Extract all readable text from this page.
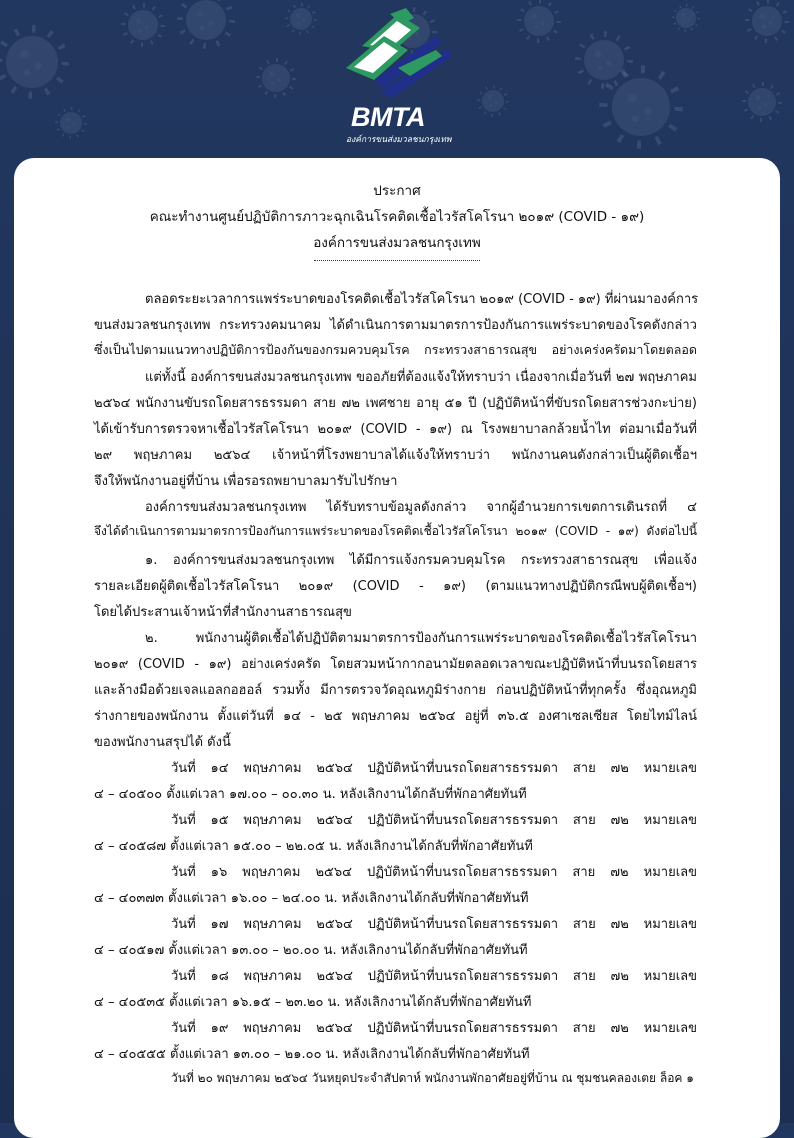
BMTA
องค์การขนส่งมวลชนกรุงเทพ
ประกาศ
คณะทำงานศูนย์ปฏิบัติการภาวะฉุกเฉินโรคติดเชื้อไวรัสโคโรนา ๒๐๑๙ (COVID - ๑๙)
องค์การขนส่งมวลชนกรุงเทพ
ตลอดระยะเวลาการแพร่ระบาดของโรคติดเชื้อไวรัสโคโรนา ๒๐๑๙ (COVID - ๑๙) ที่ผ่านมาองค์การ
ขนส่งมวลชนกรุงเทพ กระทรวงคมนาคม ได้ดำเนินการตามมาตรการป้องกันการแพร่ระบาดของโรคดังกล่าว
ซึ่งเป็นไปตามแนวทางปฏิบัติการป้องกันของกรมควบคุมโรค กระทรวงสาธารณสุข อย่างเคร่งครัดมาโดยตลอด
แต่ทั้งนี้ องค์การขนส่งมวลชนกรุงเทพ ขออภัยที่ต้องแจ้งให้ทราบว่า เนื่องจากเมื่อวันที่ ๒๗ พฤษภาคม
๒๕๖๔ พนักงานขับรถโดยสารธรรมดา สาย ๗๒ เพศชาย อายุ ๕๑ ปี (ปฏิบัติหน้าที่ขับรถโดยสารช่วงกะบ่าย)
ได้เข้ารับการตรวจหาเชื้อไวรัสโคโรนา ๒๐๑๙ (COVID - ๑๙) ณ โรงพยาบาลกล้วยน้ำไท ต่อมาเมื่อวันที่
๒๙ พฤษภาคม ๒๕๖๔ เจ้าหน้าที่โรงพยาบาลได้แจ้งให้ทราบว่า พนักงานคนดังกล่าวเป็นผู้ติดเชื้อฯ
จึงให้พนักงานอยู่ที่บ้าน เพื่อรอรถพยาบาลมารับไปรักษา
องค์การขนส่งมวลชนกรุงเทพ ได้รับทราบข้อมูลดังกล่าว จากผู้อำนวยการเขตการเดินรถที่ ๔
จึงได้ดำเนินการตามมาตรการป้องกันการแพร่ระบาดของโรคติดเชื้อไวรัสโคโรนา ๒๐๑๙ (COVID - ๑๙) ดังต่อไปนี้
๑. องค์การขนส่งมวลชนกรุงเทพ ได้มีการแจ้งกรมควบคุมโรค กระทรวงสาธารณสุข เพื่อแจ้ง
รายละเอียดผู้ติดเชื้อไวรัสโคโรนา ๒๐๑๙ (COVID - ๑๙) (ตามแนวทางปฏิบัติกรณีพบผู้ติดเชื้อฯ)
โดยได้ประสานเจ้าหน้าที่สำนักงานสาธารณสุข
๒. พนักงานผู้ติดเชื้อได้ปฏิบัติตามมาตรการป้องกันการแพร่ระบาดของโรคติดเชื้อไวรัสโคโรนา
๒๐๑๙ (COVID - ๑๙) อย่างเคร่งครัด โดยสวมหน้ากากอนามัยตลอดเวลาขณะปฏิบัติหน้าที่บนรถโดยสาร
และล้างมือด้วยเจลแอลกอฮอล์ รวมทั้ง มีการตรวจวัดอุณหภูมิร่างกาย ก่อนปฏิบัติหน้าที่ทุกครั้ง ซึ่งอุณหภูมิ
ร่างกายของพนักงาน ตั้งแต่วันที่ ๑๔ - ๒๕ พฤษภาคม ๒๕๖๔ อยู่ที่ ๓๖.๕ องศาเซลเซียส โดยไทม์ไลน์
ของพนักงานสรุปได้ ดังนี้
วันที่ ๑๔ พฤษภาคม ๒๕๖๔ ปฏิบัติหน้าที่บนรถโดยสารธรรมดา สาย ๗๒ หมายเลข
๔ – ๔๐๕๐๐ ตั้งแต่เวลา ๑๗.๐๐ – ๐๐.๓๐ น. หลังเลิกงานได้กลับที่พักอาศัยทันที
วันที่ ๑๕ พฤษภาคม ๒๕๖๔ ปฏิบัติหน้าที่บนรถโดยสารธรรมดา สาย ๗๒ หมายเลข
๔ – ๔๐๕๘๗ ตั้งแต่เวลา ๑๕.๐๐ – ๒๒.๐๕ น. หลังเลิกงานได้กลับที่พักอาศัยทันที
วันที่ ๑๖ พฤษภาคม ๒๕๖๔ ปฏิบัติหน้าที่บนรถโดยสารธรรมดา สาย ๗๒ หมายเลข
๔ – ๔๐๓๗๓ ตั้งแต่เวลา ๑๖.๐๐ – ๒๔.๐๐ น. หลังเลิกงานได้กลับที่พักอาศัยทันที
วันที่ ๑๗ พฤษภาคม ๒๕๖๔ ปฏิบัติหน้าที่บนรถโดยสารธรรมดา สาย ๗๒ หมายเลข
๔ – ๔๐๕๑๗ ตั้งแต่เวลา ๑๓.๐๐ – ๒๐.๐๐ น. หลังเลิกงานได้กลับที่พักอาศัยทันที
วันที่ ๑๘ พฤษภาคม ๒๕๖๔ ปฏิบัติหน้าที่บนรถโดยสารธรรมดา สาย ๗๒ หมายเลข
๔ – ๔๐๕๓๕ ตั้งแต่เวลา ๑๖.๑๕ – ๒๓.๒๐ น. หลังเลิกงานได้กลับที่พักอาศัยทันที
วันที่ ๑๙ พฤษภาคม ๒๕๖๔ ปฏิบัติหน้าที่บนรถโดยสารธรรมดา สาย ๗๒ หมายเลข
๔ – ๔๐๕๕๕ ตั้งแต่เวลา ๑๓.๐๐ – ๒๑.๐๐ น. หลังเลิกงานได้กลับที่พักอาศัยทันที
วันที่ ๒๐ พฤษภาคม ๒๕๖๔ วันหยุดประจำสัปดาห์ พนักงานพักอาศัยอยู่ที่บ้าน ณ ชุมชนคลองเตย ล็อค ๑
